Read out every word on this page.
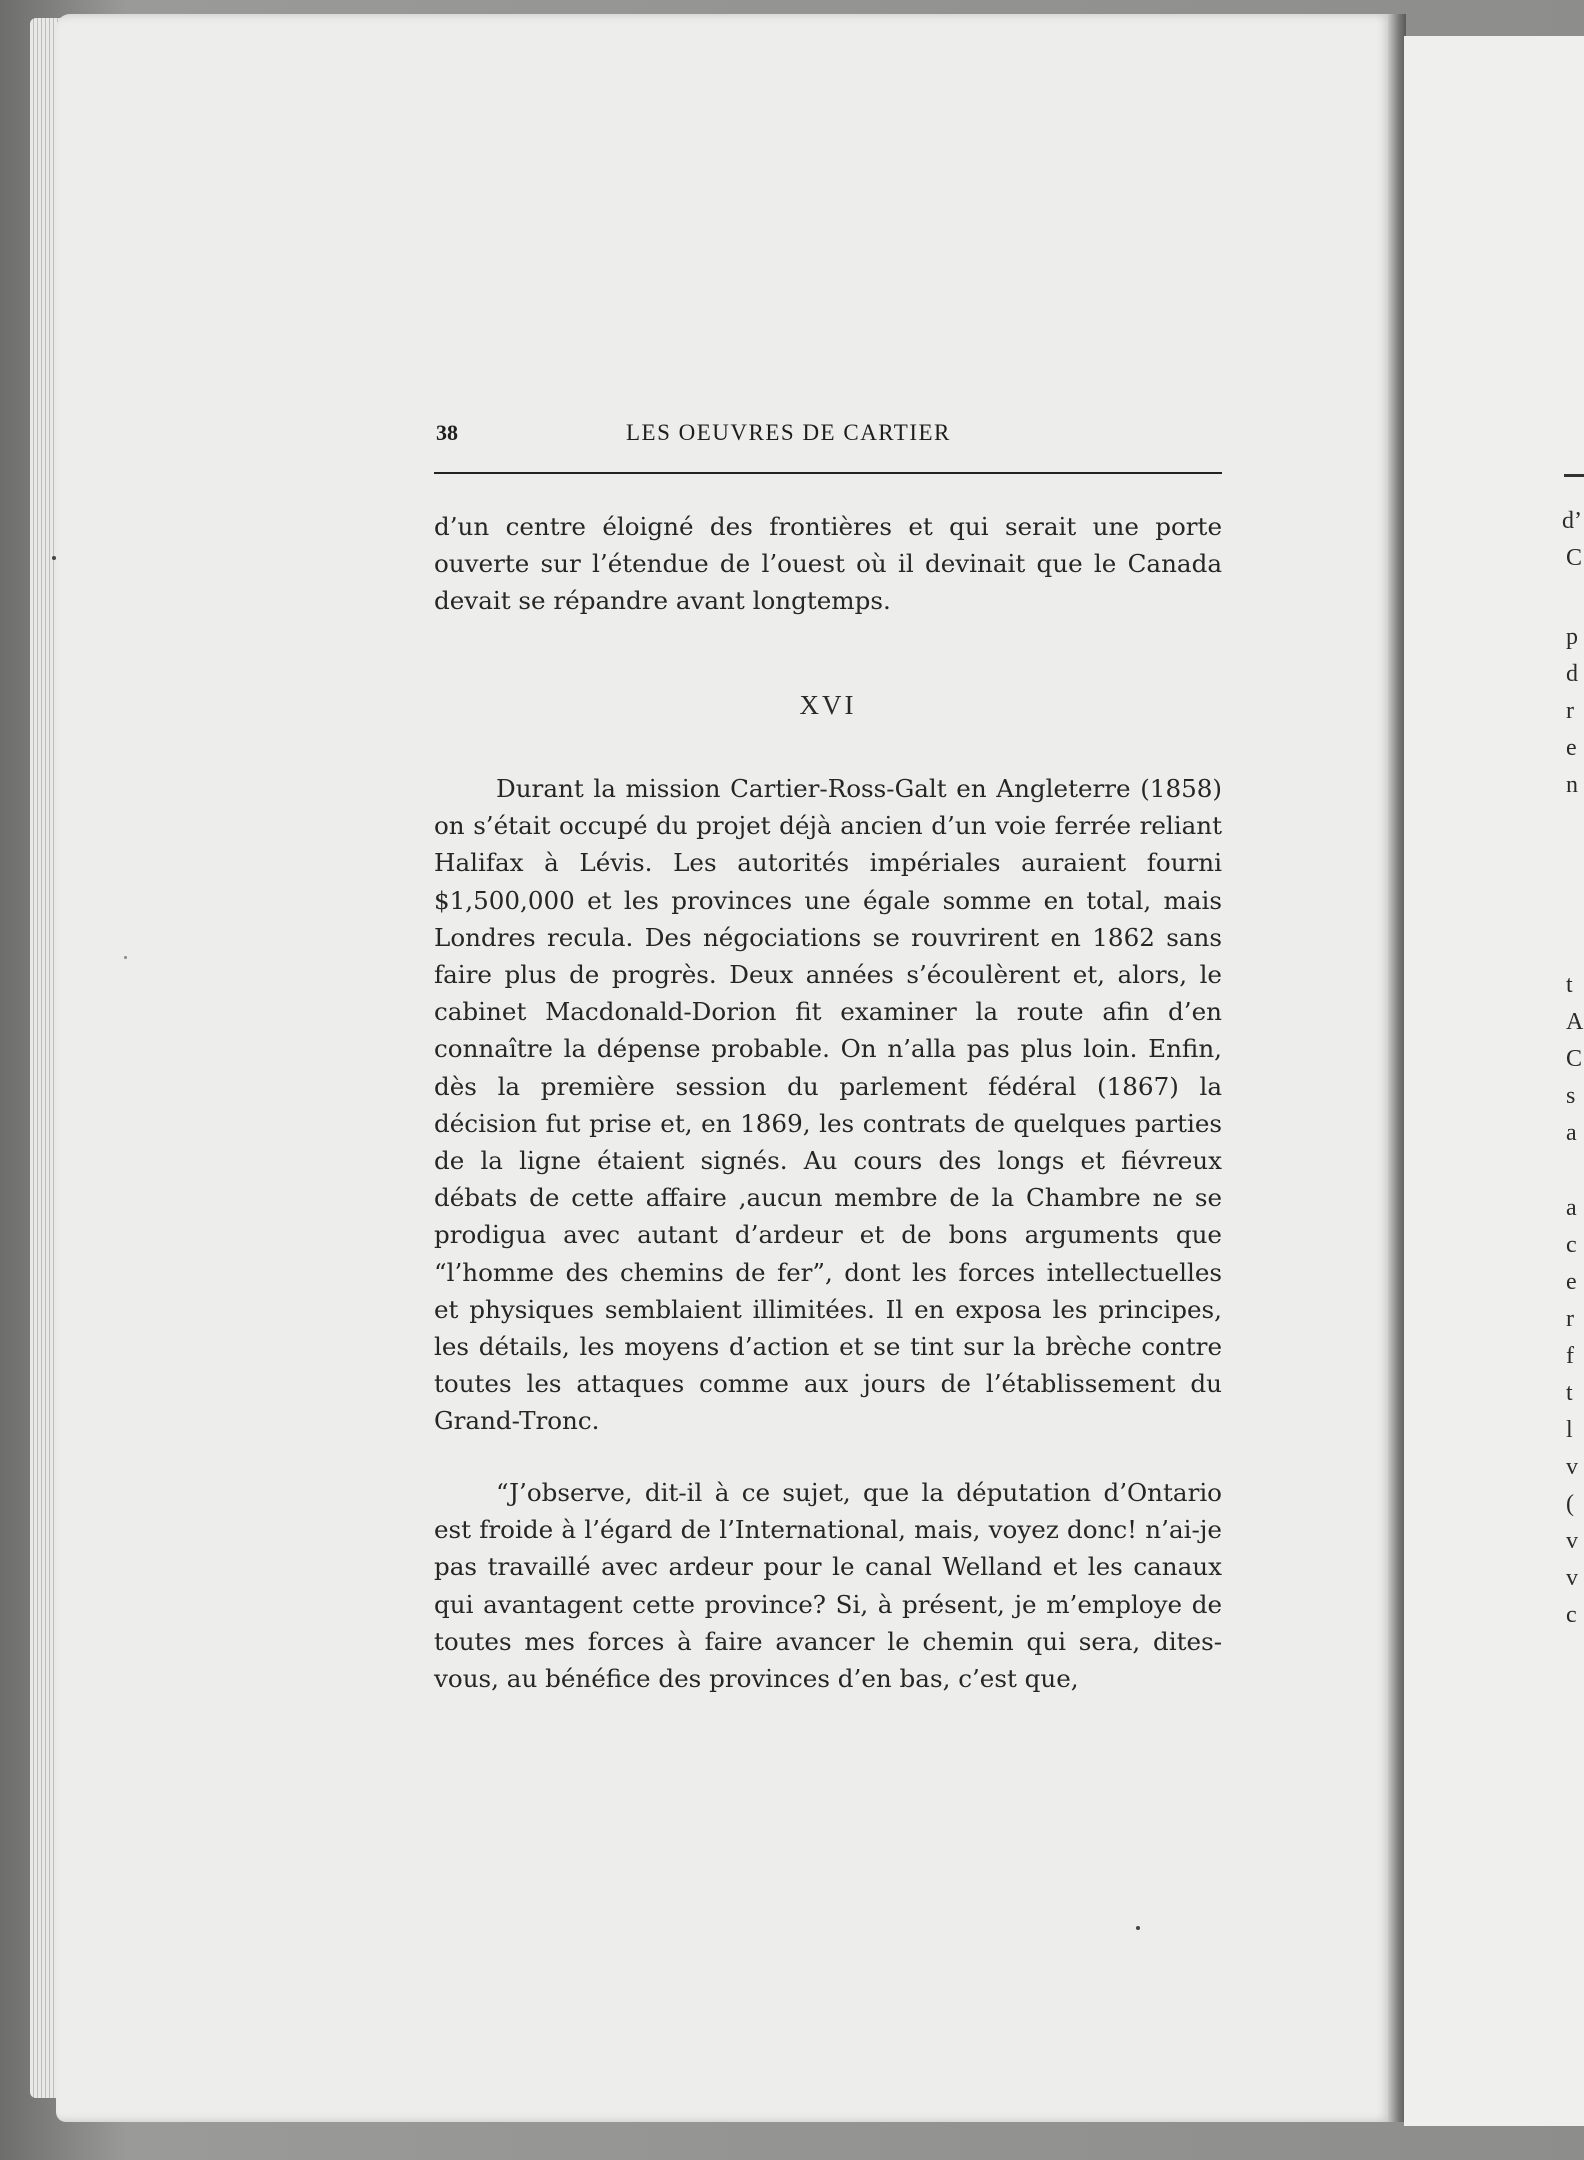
d’
C
p
d
r
e
n
t
A
C
s
a
a
c
e
r
f
t
l
v
(
v
v
c
38	LES OEUVRES DE CARTIER
d’un centre éloigné des frontières et qui serait une porte ouverte sur l’étendue de l’ouest où il devinait que le Canada devait se répandre avant longtemps.
XVI
Durant la mission Cartier-Ross-Galt en Angleterre (1858) on s’était occupé du projet déjà ancien d’un voie ferrée reliant Halifax à Lévis. Les autorités impériales auraient fourni $1,500,000 et les provinces une égale somme en total, mais Londres recula. Des négociations se rouvrirent en 1862 sans faire plus de progrès. Deux années s’écoulèrent et, alors, le cabinet Macdonald-Dorion fit examiner la route afin d’en connaître la dépense probable. On n’alla pas plus loin. Enfin, dès la première session du parlement fédéral (1867) la décision fut prise et, en 1869, les contrats de quelques parties de la ligne étaient signés. Au cours des longs et fiévreux débats de cette affaire ,aucun membre de la Chambre ne se prodigua avec autant d’ardeur et de bons arguments que “l’homme des chemins de fer”, dont les forces intellectuelles et physiques semblaient illimitées. Il en exposa les principes, les détails, les moyens d’action et se tint sur la brèche contre toutes les attaques comme aux jours de l’établissement du Grand-Tronc.
“J’observe, dit-il à ce sujet, que la députation d’Ontario est froide à l’égard de l’International, mais, voyez donc! n’ai-je pas travaillé avec ardeur pour le canal Welland et les canaux qui avantagent cette province? Si, à présent, je m’employe de toutes mes forces à faire avancer le chemin qui sera, dites-vous, au bénéfice des provinces d’en bas, c’est que,
